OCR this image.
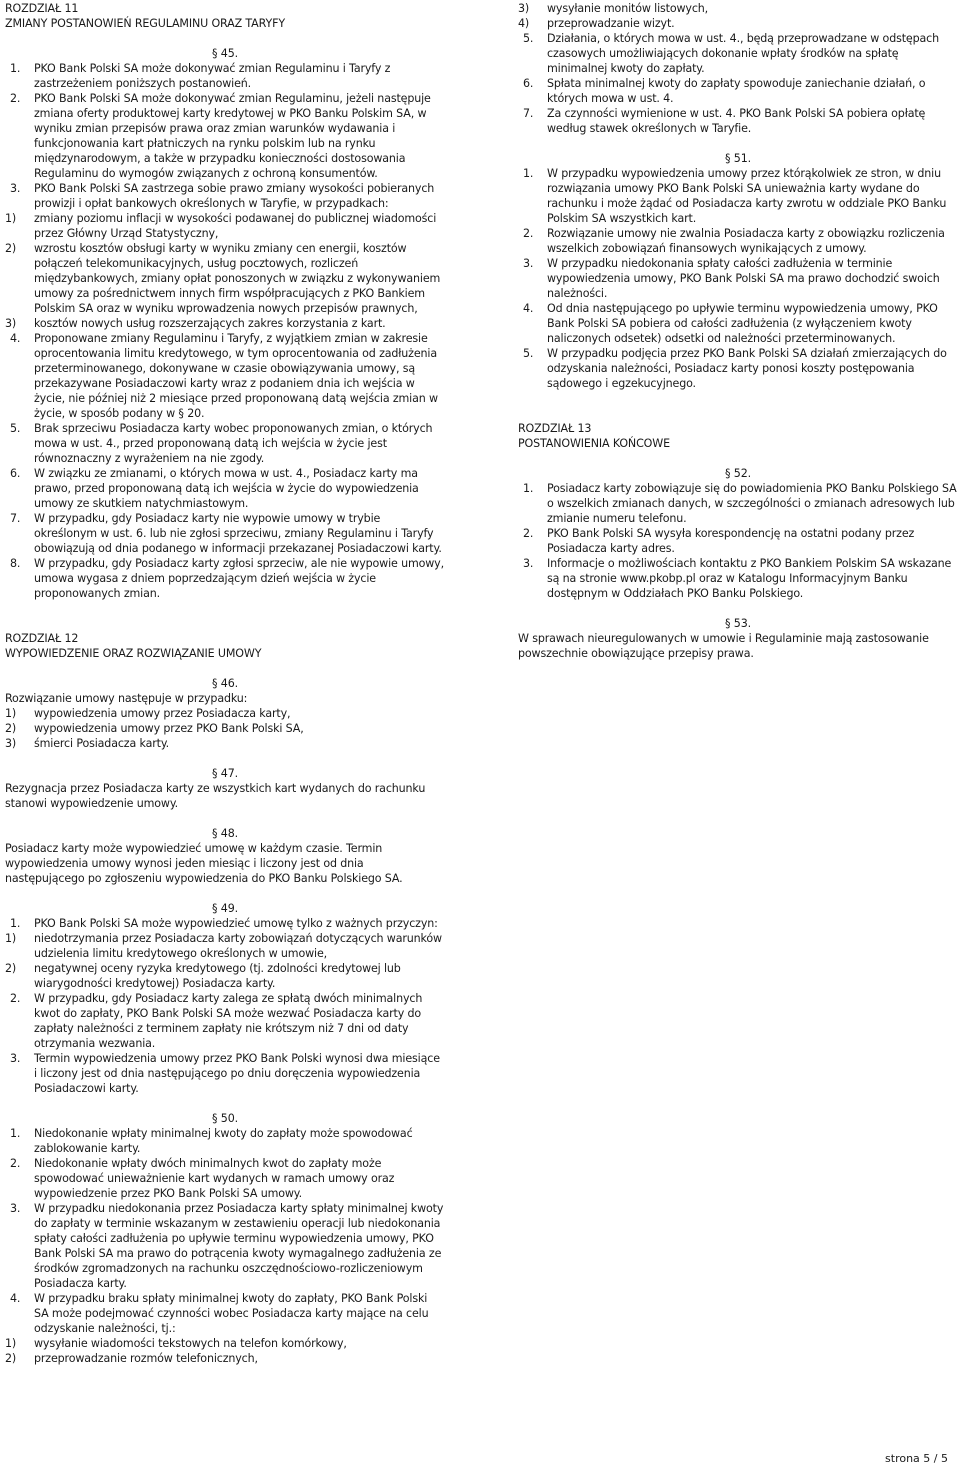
ROZDZIAŁ 11
ZMIANY POSTANOWIEŃ REGULAMINU ORAZ TARYFY
§ 45.
1. PKO Bank Polski SA może dokonywać zmian Regulaminu i Taryfy z zastrzeżeniem poniższych postanowień.
2. PKO Bank Polski SA może dokonywać zmian Regulaminu, jeżeli następuje zmiana oferty produktowej karty kredytowej w PKO Banku Polskim SA, w wyniku zmian przepisów prawa oraz zmian warunków wydawania i funkcjonowania kart płatniczych na rynku polskim lub na rynku międzynarodowym, a także w przypadku konieczności dostosowania Regulaminu do wymogów związanych z ochroną konsumentów.
3. PKO Bank Polski SA zastrzega sobie prawo zmiany wysokości pobieranych prowizji i opłat bankowych określonych w Taryfie, w przypadkach:
1) zmiany poziomu inflacji w wysokości podawanej do publicznej wiadomości przez Główny Urząd Statystyczny,
2) wzrostu kosztów obsługi karty w wyniku zmiany cen energii, kosztów połączeń telekomunikacyjnych, usług pocztowych, rozliczeń międzybankowych, zmiany opłat ponoszonych w związku z wykonywaniem umowy za pośrednictwem innych firm współpracujących z PKO Bankiem Polskim SA oraz w wyniku wprowadzenia nowych przepisów prawnych,
3) kosztów nowych usług rozszerzających zakres korzystania z kart.
4. Proponowane zmiany Regulaminu i Taryfy, z wyjątkiem zmian w zakresie oprocentowania limitu kredytowego, w tym oprocentowania od zadłużenia przeterminowanego, dokonywane w czasie obowiązywania umowy, są przekazywane Posiadaczowi karty wraz z podaniem dnia ich wejścia w życie, nie później niż 2 miesiące przed proponowaną datą wejścia zmian w życie, w sposób podany w § 20.
5. Brak sprzeciwu Posiadacza karty wobec proponowanych zmian, o których mowa w ust. 4., przed proponowaną datą ich wejścia w życie jest równoznaczny z wyrażeniem na nie zgody.
6. W związku ze zmianami, o których mowa w ust. 4., Posiadacz karty ma prawo, przed proponowaną datą ich wejścia w życie do wypowiedzenia umowy ze skutkiem natychmiastowym.
7. W przypadku, gdy Posiadacz karty nie wypowie umowy w trybie określonym w ust. 6. lub nie zgłosi sprzeciwu, zmiany Regulaminu i Taryfy obowiązują od dnia podanego w informacji przekazanej Posiadaczowi karty.
8. W przypadku, gdy Posiadacz karty zgłosi sprzeciw, ale nie wypowie umowy, umowa wygasa z dniem poprzedzającym dzień wejścia w życie proponowanych zmian.
ROZDZIAŁ 12
WYPOWIEDZENIE ORAZ ROZWIĄZANIE UMOWY
§ 46.
Rozwiązanie umowy następuje w przypadku:
1) wypowiedzenia umowy przez Posiadacza karty,
2) wypowiedzenia umowy przez PKO Bank Polski SA,
3) śmierci Posiadacza karty.
§ 47.
Rezygnacja przez Posiadacza karty ze wszystkich kart wydanych do rachunku stanowi wypowiedzenie umowy.
§ 48.
Posiadacz karty może wypowiedzieć umowę w każdym czasie. Termin wypowiedzenia umowy wynosi jeden miesiąc i liczony jest od dnia następującego po zgłoszeniu wypowiedzenia do PKO Banku Polskiego SA.
§ 49.
1. PKO Bank Polski SA może wypowiedzieć umowę tylko z ważnych przyczyn:
1) niedotrzymania przez Posiadacza karty zobowiązań dotyczących warunków udzielenia limitu kredytowego określonych w umowie,
2) negatywnej oceny ryzyka kredytowego (tj. zdolności kredytowej lub wiarygodności kredytowej) Posiadacza karty.
2. W przypadku, gdy Posiadacz karty zalega ze spłatą dwóch minimalnych kwot do zapłaty, PKO Bank Polski SA może wezwać Posiadacza karty do zapłaty należności z terminem zapłaty nie krótszym niż 7 dni od daty otrzymania wezwania.
3. Termin wypowiedzenia umowy przez PKO Bank Polski wynosi dwa miesiące i liczony jest od dnia następującego po dniu doręczenia wypowiedzenia Posiadaczowi karty.
§ 50.
1. Niedokonanie wpłaty minimalnej kwoty do zapłaty może spowodować zablokowanie karty.
2. Niedokonanie wpłaty dwóch minimalnych kwot do zapłaty może spowodować unieważnienie kart wydanych w ramach umowy oraz wypowiedzenie przez PKO Bank Polski SA umowy.
3. W przypadku niedokonania przez Posiadacza karty spłaty minimalnej kwoty do zapłaty w terminie wskazanym w zestawieniu operacji lub niedokonania spłaty całości zadłużenia po upływie terminu wypowiedzenia umowy, PKO Bank Polski SA ma prawo do potrącenia kwoty wymagalnego zadłużenia ze środków zgromadzonych na rachunku oszczędnościowo-rozliczeniowym Posiadacza karty.
4. W przypadku braku spłaty minimalnej kwoty do zapłaty, PKO Bank Polski SA może podejmować czynności wobec Posiadacza karty mające na celu odzyskanie należności, tj.:
1) wysyłanie wiadomości tekstowych na telefon komórkowy,
2) przeprowadzanie rozmów telefonicznych,
3) wysyłanie monitów listowych,
4) przeprowadzanie wizyt.
5. Działania, o których mowa w ust. 4., będą przeprowadzane w odstępach czasowych umożliwiających dokonanie wpłaty środków na spłatę minimalnej kwoty do zapłaty.
6. Spłata minimalnej kwoty do zapłaty spowoduje zaniechanie działań, o których mowa w ust. 4.
7. Za czynności wymienione w ust. 4. PKO Bank Polski SA pobiera opłatę według stawek określonych w Taryfie.
§ 51.
1. W przypadku wypowiedzenia umowy przez którąkolwiek ze stron, w dniu rozwiązania umowy PKO Bank Polski SA unieważnia karty wydane do rachunku i może żądać od Posiadacza karty zwrotu w oddziale PKO Banku Polskim SA wszystkich kart.
2. Rozwiązanie umowy nie zwalnia Posiadacza karty z obowiązku rozliczenia wszelkich zobowiązań finansowych wynikających z umowy.
3. W przypadku niedokonania spłaty całości zadłużenia w terminie wypowiedzenia umowy, PKO Bank Polski SA ma prawo dochodzić swoich należności.
4. Od dnia następującego po upływie terminu wypowiedzenia umowy, PKO Bank Polski SA pobiera od całości zadłużenia (z wyłączeniem kwoty naliczonych odsetek) odsetki od należności przeterminowanych.
5. W przypadku podjęcia przez PKO Bank Polski SA działań zmierzających do odzyskania należności, Posiadacz karty ponosi koszty postępowania sądowego i egzekucyjnego.
ROZDZIAŁ 13
POSTANOWIENIA KOŃCOWE
§ 52.
1. Posiadacz karty zobowiązuje się do powiadomienia PKO Banku Polskiego SA o wszelkich zmianach danych, w szczególności o zmianach adresowych lub zmianie numeru telefonu.
2. PKO Bank Polski SA wysyła korespondencję na ostatni podany przez Posiadacza karty adres.
3. Informacje o możliwościach kontaktu z PKO Bankiem Polskim SA wskazane są na stronie www.pkobp.pl oraz w Katalogu Informacyjnym Banku dostępnym w Oddziałach PKO Banku Polskiego.
§ 53.
W sprawach nieuregulowanych w umowie i Regulaminie mają zastosowanie powszechnie obowiązujące przepisy prawa.
strona 5 / 5
